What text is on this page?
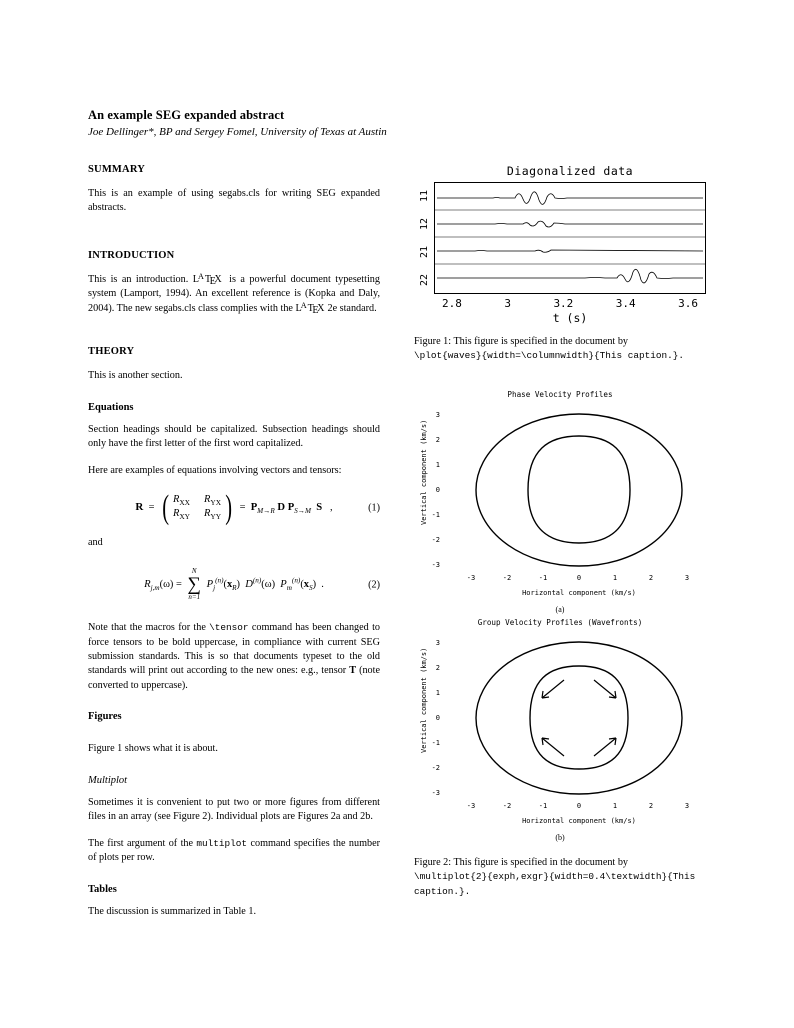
An example SEG expanded abstract
Joe Dellinger*, BP and Sergey Fomel, University of Texas at Austin
SUMMARY

This is an example of using segabs.cls for writing SEG expanded abstracts.

INTRODUCTION

This is an introduction. $L^ATEX$ is a powerful document typesetting system (Lamport, 1994). An excellent reference is (Kopka and Daly, 2004). The new segabs.cls class complies with the $L^ATEX$ 2e standard.

THEORY

This is another section.

Equations

Section headings should be capitalized. Subsection headings should only have the first letter of the first word capitalized.

Here are examples of equations involving vectors and tensors:

R  = ( $R_{XX}$ $R_{YX}$
$R_{XY}$ $R_{YY}$ ) =  $P_{M\to R}$ D $P_{S\to M}$  S   ,	(1)

and

$R_{j,m}(\omega)$ =
N
∑
n=1
$P_j^{(n)}(x_R)$  $D^{(n)}(\omega)$  $P_m^{(n)}(x_S)$  .	(2)

Note that the macros for the \tensor command has been changed to force tensors to be bold uppercase, in compliance with current SEG submission standards. This is so that documents typeset to the old standards will print out according to the new ones: e.g., tensor T (note converted to uppercase).

Figures

Figure 1 shows what it is about.

Multiplot

Sometimes it is convenient to put two or more figures from different files in an array (see Figure 2). Individual plots are Figures 2a and 2b.

The first argument of the multiplot command specifies the number of plots per row.

Tables

The discussion is summarized in Table 1.

Diagonalized data
11
12
21
22
2.8	3	3.2	3.4	3.6
t (s)

Figure 1: This figure is specified in the document by
\plot{waves}{width=\columnwidth}{This caption.}.

Phase Velocity Profiles
Vertical component (km/s)
3
2
1
0
-1
-2
-3
-3	-2	-1	0	1	2	3
Horizontal component (km/s)
(a)
Group Velocity Profiles (Wavefronts)
Vertical component (km/s)
3
2
1
0
-1
-2
-3
-3	-2	-1	0	1	2	3
Horizontal component (km/s)
(b)

Figure 2: This figure is specified in the document by
\multiplot{2}{exph,exgr}{width=0.4\textwidth}{This
caption.}.
